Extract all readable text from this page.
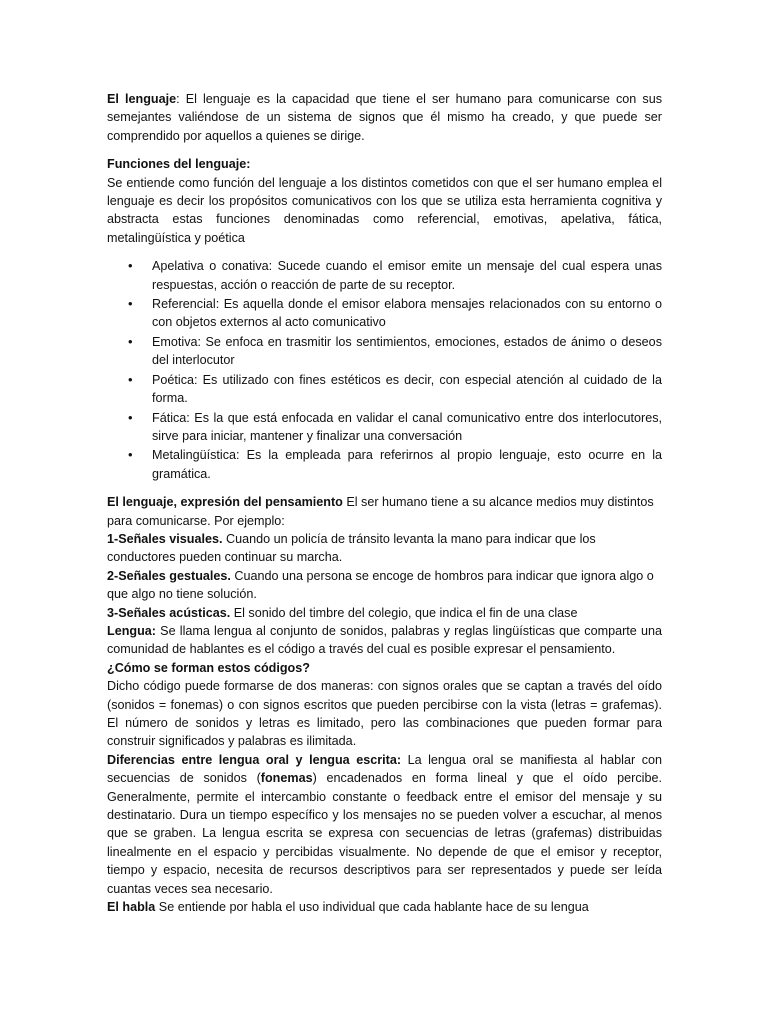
El lenguaje: El lenguaje es la capacidad que tiene el ser humano para comunicarse con sus semejantes valiéndose de un sistema de signos que él mismo ha creado, y que puede ser comprendido por aquellos a quienes se dirige.

Funciones del lenguaje:

Se entiende como función del lenguaje a los distintos cometidos con que el ser humano emplea el lenguaje es decir los propósitos comunicativos con los que se utiliza esta herramienta cognitiva y abstracta estas funciones denominadas como referencial, emotivas, apelativa, fática, metalingüística y poética

• Apelativa o conativa: Sucede cuando el emisor emite un mensaje del cual espera unas respuestas, acción o reacción de parte de su receptor.
• Referencial: Es aquella donde el emisor elabora mensajes relacionados con su entorno o con objetos externos al acto comunicativo
• Emotiva: Se enfoca en trasmitir los sentimientos, emociones, estados de ánimo o deseos del interlocutor
• Poética: Es utilizado con fines estéticos es decir, con especial atención al cuidado de la forma.
• Fática: Es la que está enfocada en validar el canal comunicativo entre dos interlocutores, sirve para iniciar, mantener y finalizar una conversación
• Metalingüística: Es la empleada para referirnos al propio lenguaje, esto ocurre en la gramática.

El lenguaje, expresión del pensamiento El ser humano tiene a su alcance medios muy distintos para comunicarse. Por ejemplo:

1-Señales visuales. Cuando un policía de tránsito levanta la mano para indicar que los conductores pueden continuar su marcha.

2-Señales gestuales. Cuando una persona se encoge de hombros para indicar que ignora algo o que algo no tiene solución.

3-Señales acústicas. El sonido del timbre del colegio, que indica el fin de una clase

Lengua: Se llama lengua al conjunto de sonidos, palabras y reglas lingüísticas que comparte una comunidad de hablantes es el código a través del cual es posible expresar el pensamiento.

¿Cómo se forman estos códigos?

Dicho código puede formarse de dos maneras: con signos orales que se captan a través del oído (sonidos = fonemas) o con signos escritos que pueden percibirse con la vista (letras = grafemas). El número de sonidos y letras es limitado, pero las combinaciones que pueden formar para construir significados y palabras es ilimitada.

Diferencias entre lengua oral y lengua escrita: La lengua oral se manifiesta al hablar con secuencias de sonidos (fonemas) encadenados en forma lineal y que el oído percibe. Generalmente, permite el intercambio constante o feedback entre el emisor del mensaje y su destinatario. Dura un tiempo específico y los mensajes no se pueden volver a escuchar, al menos que se graben. La lengua escrita se expresa con secuencias de letras (grafemas) distribuidas linealmente en el espacio y percibidas visualmente. No depende de que el emisor y receptor, tiempo y espacio, necesita de recursos descriptivos para ser representados y puede ser leída cuantas veces sea necesario.

El habla Se entiende por habla el uso individual que cada hablante hace de su lengua
